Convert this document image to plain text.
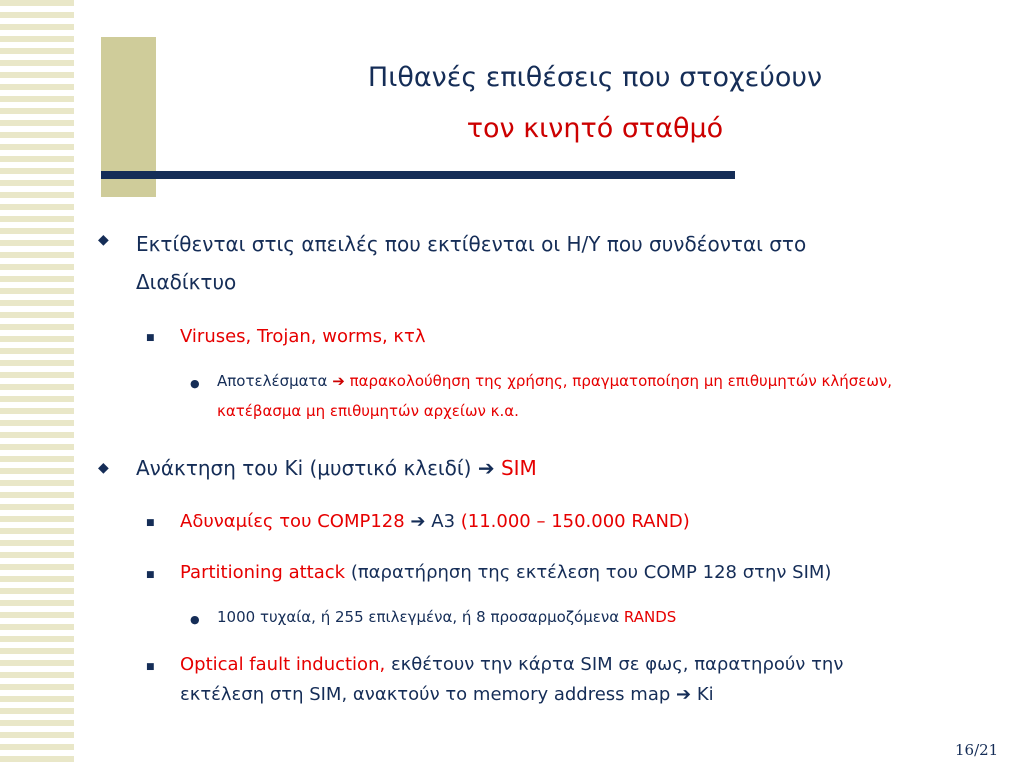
Πιθανές επιθέσεις που στοχεύουν
τον κινητό σταθμό
◆ Εκτίθενται στις απειλές που εκτίθενται οι Η/Υ που συνδέονται στο
Διαδίκτυο

■ Viruses, Trojan, worms, κτλ

● Αποτελέσματα ➔ παρακολούθηση της χρήσης, πραγματοποίηση μη επιθυμητών κλήσεων,
κατέβασμα μη επιθυμητών αρχείων κ.α.

◆ Ανάκτηση του Ki (μυστικό κλειδί) ➔ SIM

■ Αδυναμίες του COMP128 ➔ A3 (11.000 – 150.000 RAND)

■ Partitioning attack (παρατήρηση της εκτέλεση του COMP 128 στην SIM)

● 1000 τυχαία, ή 255 επιλεγμένα, ή 8 προσαρμοζόμενα RANDS

■ Optical fault induction, εκθέτουν την κάρτα SIM σε φως, παρατηρούν την
εκτέλεση στη SIM, ανακτούν το memory address map ➔ Ki

16/21
